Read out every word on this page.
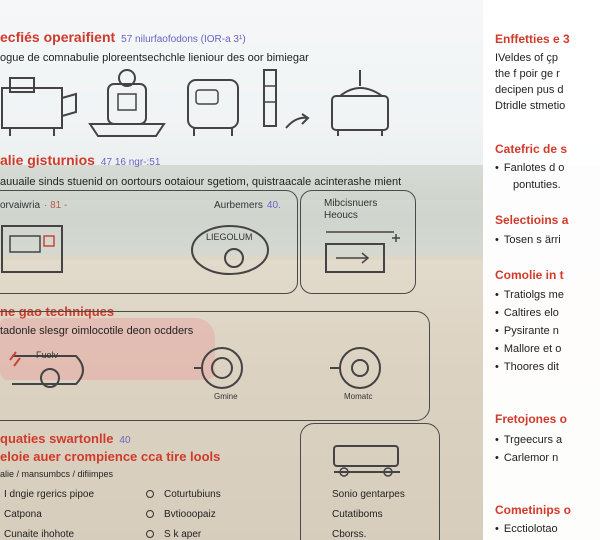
ecfiés operaifient 57 nilurfaofodons (IOR-a 3¹)
ogue de comnabulie ploreentsechchle lieniour des oor bimiegar
alie gisturnios 47 16 ngr-:51
auuaile sinds stuenid on oortours ootaiour sgetiom, quistraacale acinterashe mient
orvaiwria · 81 -	Aurbemers 40.
LIEGOLUM
Mibcisnuers
Heoucs
ne gao techniques
tadonle slesgr oimlocotile deon ocdders
Fuolv
Gmine	Momatc
quaties swartonlle 40
eloie auer crompience cca tire lools
alie / mansumbcs / difiimpes
I dngie rgerics pipoe
Catpona
Cunaite ihohote
Coturtubiuns
Bvtiooopaiz
S k aper
Sonio gentarpes
Cutatiboms
Cborss.
Enffetties e 3
IVeldes of çp
the f poir ge r
decipen pus d
Dtridle stmetio
Catefric de s
• Fanlotes d o
pontuties.
Selectioins a
• Tosen s ärri
Comolie in t
• Tratiolgs me
• Caltires elo
• Pysirante n
• Mallore et o
• Thoores dit
Fretojones o
• Trgeecurs a
• Carlemor n
Cometinips o
• Ecctiolotao
